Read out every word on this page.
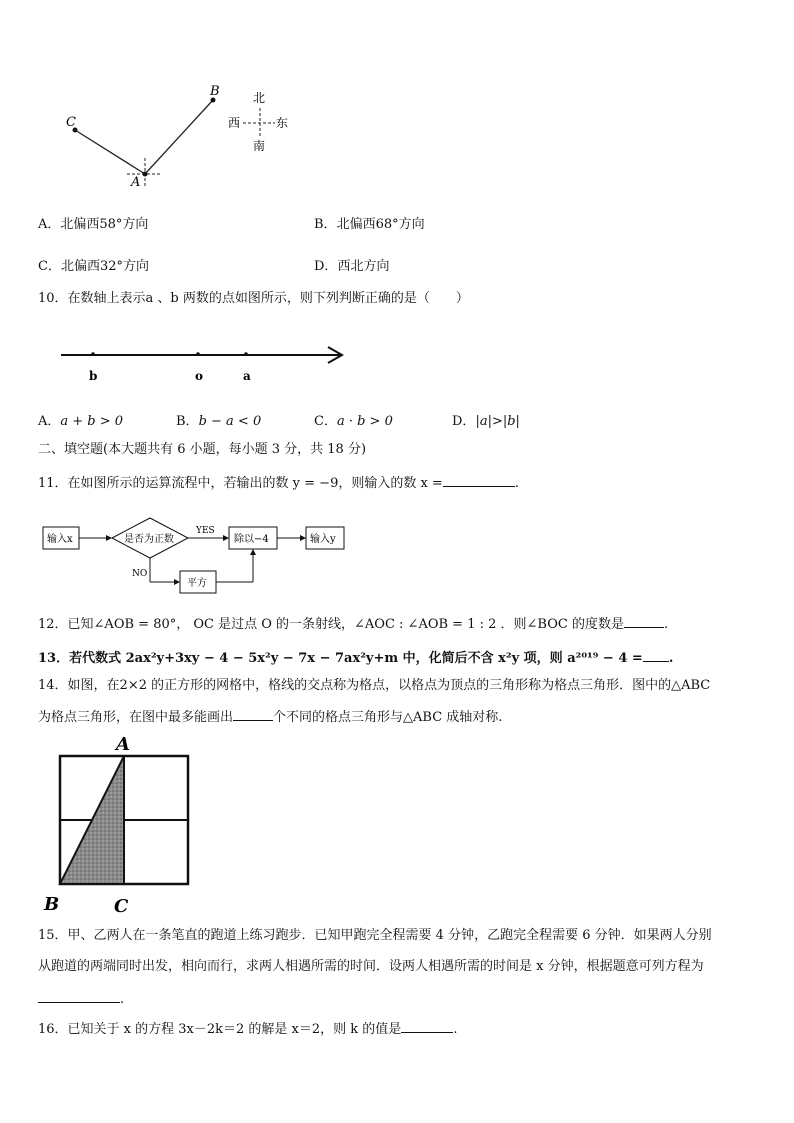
C
A
B	北
南
西	东
A．北偏西58°方向	B．北偏西68°方向
C．北偏西32°方向	D．西北方向
10．在数轴上表示a 、b 两数的点如图所示，则下列判断正确的是（　　）
b	o	a
A．a + b > 0	B．b − a < 0	C．a · b > 0	D．|a|>|b|
二、填空题(本大题共有 6 小题，每小题 3 分，共 18 分)
11．在如图所示的运算流程中，若输出的数 y = −9，则输入的数 x =	.
输入x	是否为正数
YES
除以−4	输入y
NO
平方
12．已知∠AOB = 80°， OC 是过点 O 的一条射线，∠AOC : ∠AOB = 1 : 2 ．则∠BOC 的度数是	.
13．若代数式 2ax²y+3xy − 4 − 5x²y − 7x − 7ax²y+m 中，化简后不含 x²y 项，则 a²⁰¹⁹ − 4 = .
14．如图，在2×2 的正方形的网格中，格线的交点称为格点，以格点为顶点的三角形称为格点三角形．图中的△ABC
为格点三角形，在图中最多能画出	个不同的格点三角形与△ABC 成轴对称.
A
B	C
15．甲、乙两人在一条笔直的跑道上练习跑步．已知甲跑完全程需要 4 分钟，乙跑完全程需要 6 分钟．如果两人分别
从跑道的两端同时出发，相向而行，求两人相遇所需的时间．设两人相遇所需的时间是 x 分钟，根据题意可列方程为
.
16．已知关于 x 的方程 3x－2k＝2 的解是 x＝2，则 k 的值是	.
